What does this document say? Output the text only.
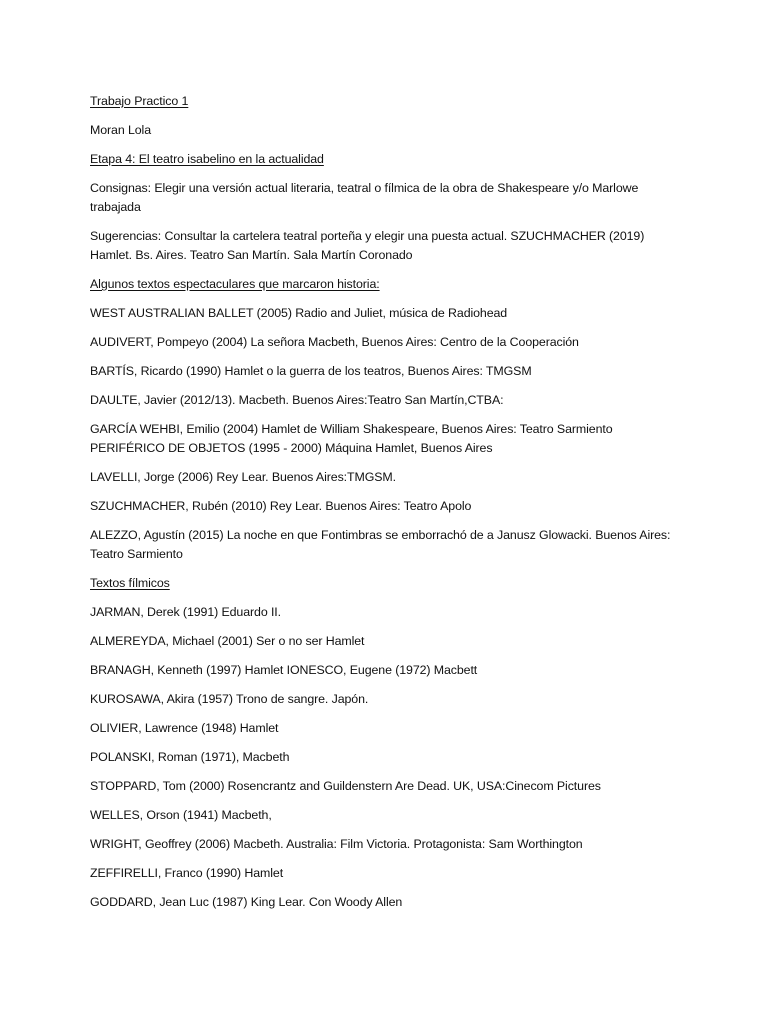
Trabajo Practico 1
Moran Lola
Etapa 4: El teatro isabelino en la actualidad
Consignas: Elegir una versión actual literaria, teatral o fílmica de la obra de Shakespeare y/o Marlowe
trabajada
Sugerencias: Consultar la cartelera teatral porteña y elegir una puesta actual. SZUCHMACHER (2019)
Hamlet. Bs. Aires. Teatro San Martín. Sala Martín Coronado
Algunos textos espectaculares que marcaron historia:
WEST AUSTRALIAN BALLET (2005) Radio and Juliet, música de Radiohead
AUDIVERT, Pompeyo (2004) La señora Macbeth, Buenos Aires: Centro de la Cooperación
BARTÍS, Ricardo (1990) Hamlet o la guerra de los teatros, Buenos Aires: TMGSM
DAULTE, Javier (2012/13). Macbeth. Buenos Aires:Teatro San Martín,CTBA:
GARCÍA WEHBI, Emilio (2004) Hamlet de William Shakespeare, Buenos Aires: Teatro Sarmiento
PERIFÉRICO DE OBJETOS (1995 - 2000) Máquina Hamlet, Buenos Aires
LAVELLI, Jorge (2006) Rey Lear. Buenos Aires:TMGSM.
SZUCHMACHER, Rubén (2010) Rey Lear. Buenos Aires: Teatro Apolo
ALEZZO, Agustín (2015) La noche en que Fontimbras se emborrachó de a Janusz Glowacki. Buenos Aires:
Teatro Sarmiento
Textos fílmicos
JARMAN, Derek (1991) Eduardo II.
ALMEREYDA, Michael (2001) Ser o no ser Hamlet
BRANAGH, Kenneth (1997) Hamlet IONESCO, Eugene (1972) Macbett
KUROSAWA, Akira (1957) Trono de sangre. Japón.
OLIVIER, Lawrence (1948) Hamlet
POLANSKI, Roman (1971), Macbeth
STOPPARD, Tom (2000) Rosencrantz and Guildenstern Are Dead. UK, USA:Cinecom Pictures
WELLES, Orson (1941) Macbeth,
WRIGHT, Geoffrey (2006) Macbeth. Australia: Film Victoria. Protagonista: Sam Worthington
ZEFFIRELLI, Franco (1990) Hamlet
GODDARD, Jean Luc (1987) King Lear. Con Woody Allen
